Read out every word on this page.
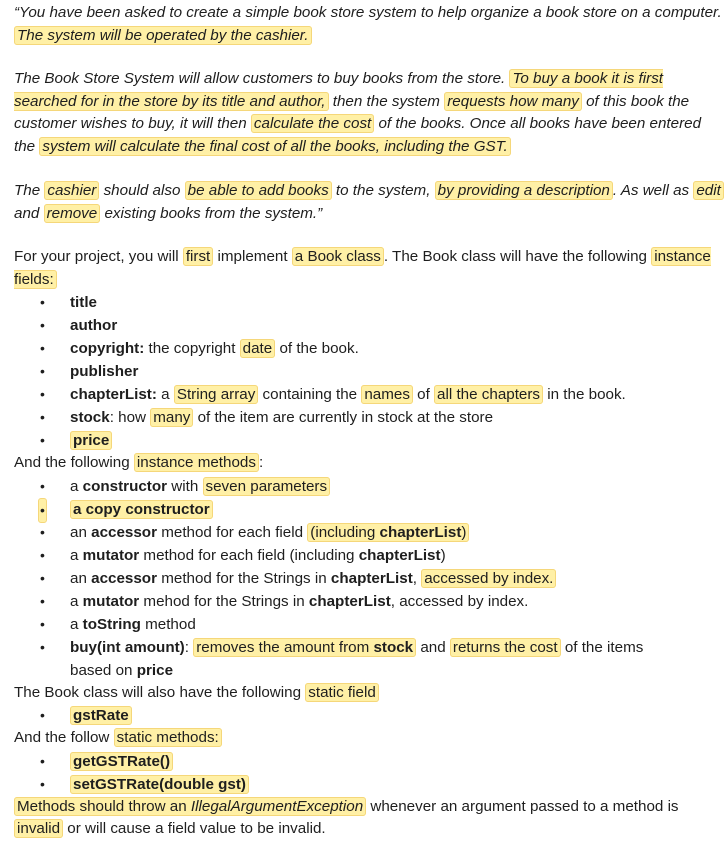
“You have been asked to create a simple book store system to help organize a book store on a computer. The system will be operated by the cashier.

The Book Store System will allow customers to buy books from the store. To buy a book it is first searched for in the store by its title and author, then the system requests how many of this book the customer wishes to buy, it will then calculate the cost of the books. Once all books have been entered the system will calculate the final cost of all the books, including the GST.

The cashier should also be able to add books to the system, by providing a description . As well as edit and remove existing books from the system.”

For your project, you will first implement a Book class . The Book class will have the following instance fields:

• title
• author
• copyright: the copyright date of the book.
• publisher
• chapterList: a String array containing the names of all the chapters in the book.
• stock: how many of the item are currently in stock at the store
• price

And the following instance methods :

• a constructor with seven parameters
• a copy constructor
• an accessor method for each field (including chapterList)
• a mutator method for each field (including chapterList)
• an accessor method for the Strings in chapterList, accessed by index.
• a mutator mehod for the Strings in chapterList, accessed by index.
• a toString method
• buy(int amount): removes the amount from stock and returns the cost of the items
based on price

The Book class will also have the following static field

• gstRate

And the follow static methods:

• getGSTRate()
• setGSTRate(double gst)

Methods should throw an IllegalArgumentException whenever an argument passed to a method is invalid or will cause a field value to be invalid.
